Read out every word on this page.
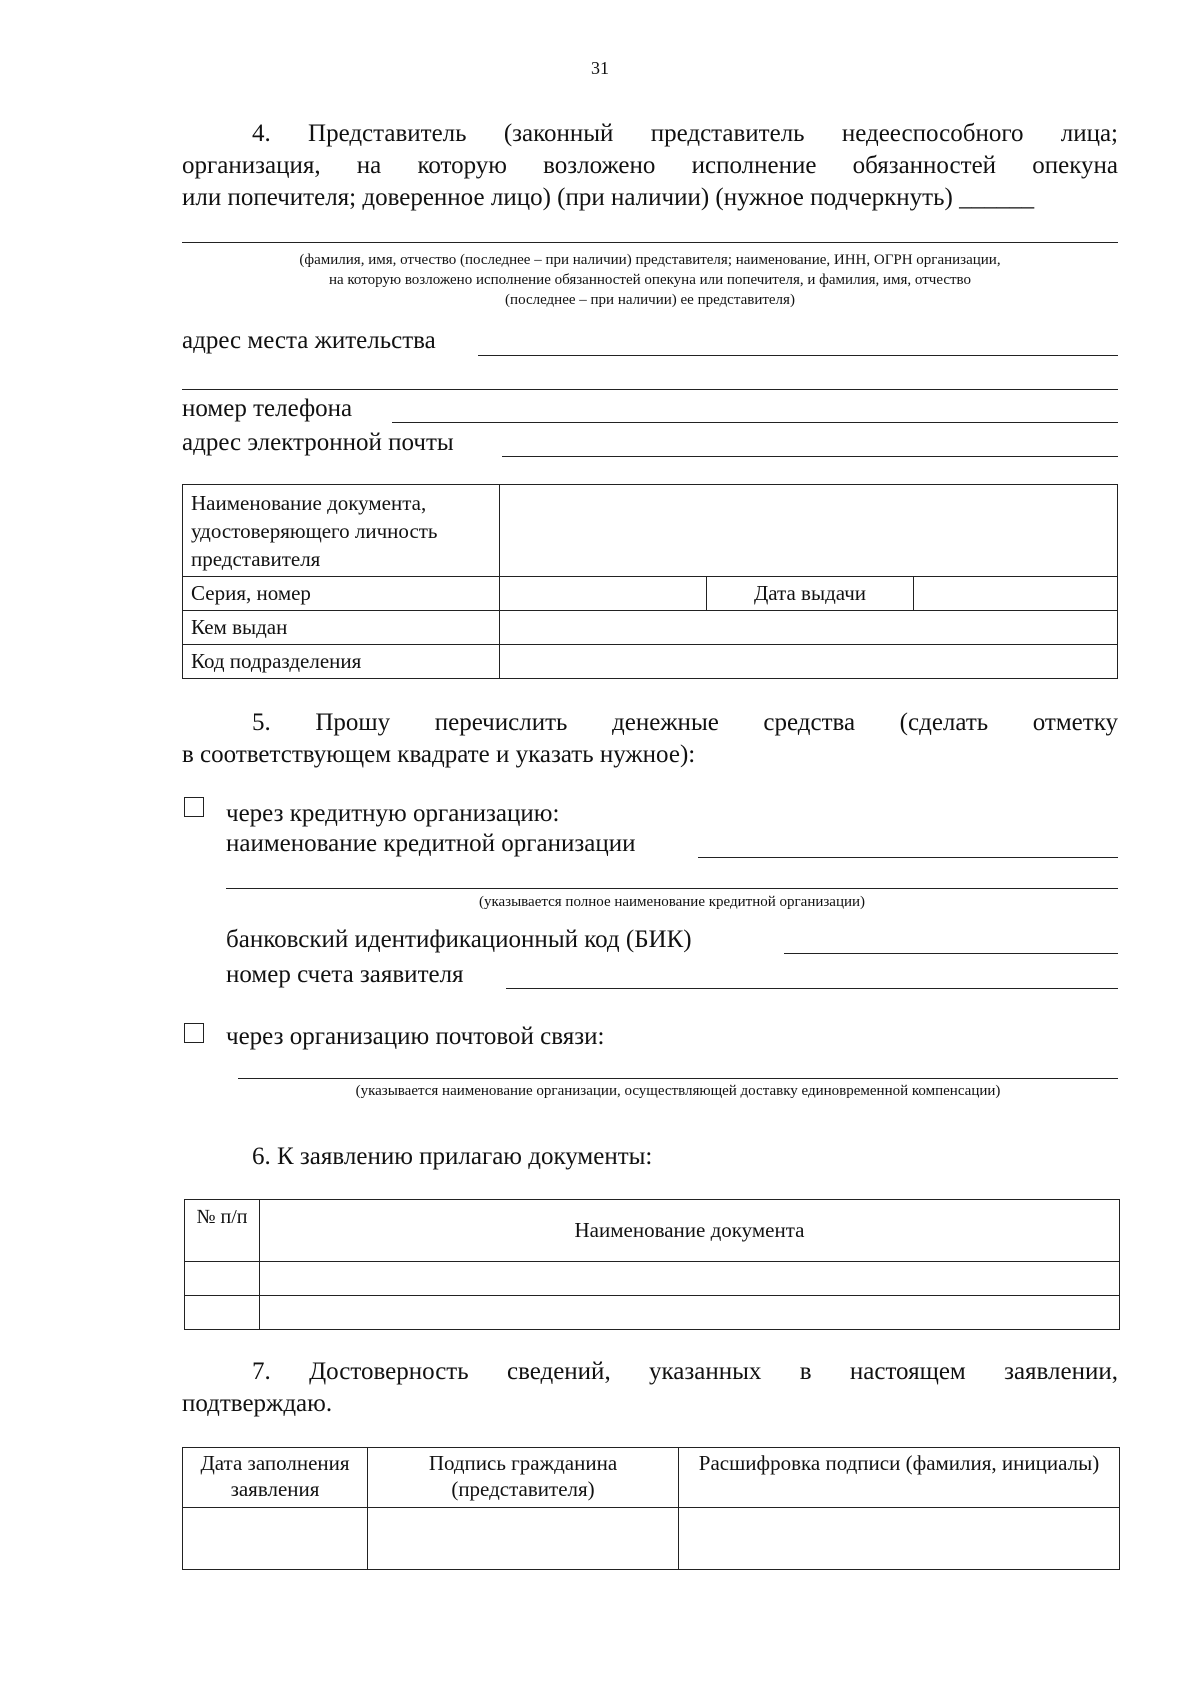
31
4. Представитель (законный представитель недееспособного лица;
организация, на которую возложено исполнение обязанностей опекуна
или попечителя; доверенное лицо) (при наличии) (нужное подчеркнуть) ______
(фамилия, имя, отчество (последнее – при наличии) представителя; наименование, ИНН, ОГРН организации,
на которую возложено исполнение обязанностей опекуна или попечителя, и фамилия, имя, отчество
(последнее – при наличии) ее представителя)
адрес места жительства
номер телефона
адрес электронной почты
Наименование документа, удостоверяющего личность представителя			
Серия, номер		Дата выдачи	
Кем выдан			
Код подразделения			
5. Прошу перечислить денежные средства (сделать отметку
в соответствующем квадрате и указать нужное):
через кредитную организацию:
наименование кредитной организации
(указывается полное наименование кредитной организации)
банковский идентификационный код (БИК)
номер счета заявителя
через организацию почтовой связи:
(указывается наименование организации, осуществляющей доставку единовременной компенсации)
6. К заявлению прилагаю документы:
№ п/п	Наименование документа

7. Достоверность сведений, указанных в настоящем заявлении,
подтверждаю.
Дата заполнения заявления	Подпись гражданина (представителя)	Расшифровка подписи (фамилия, инициалы)
